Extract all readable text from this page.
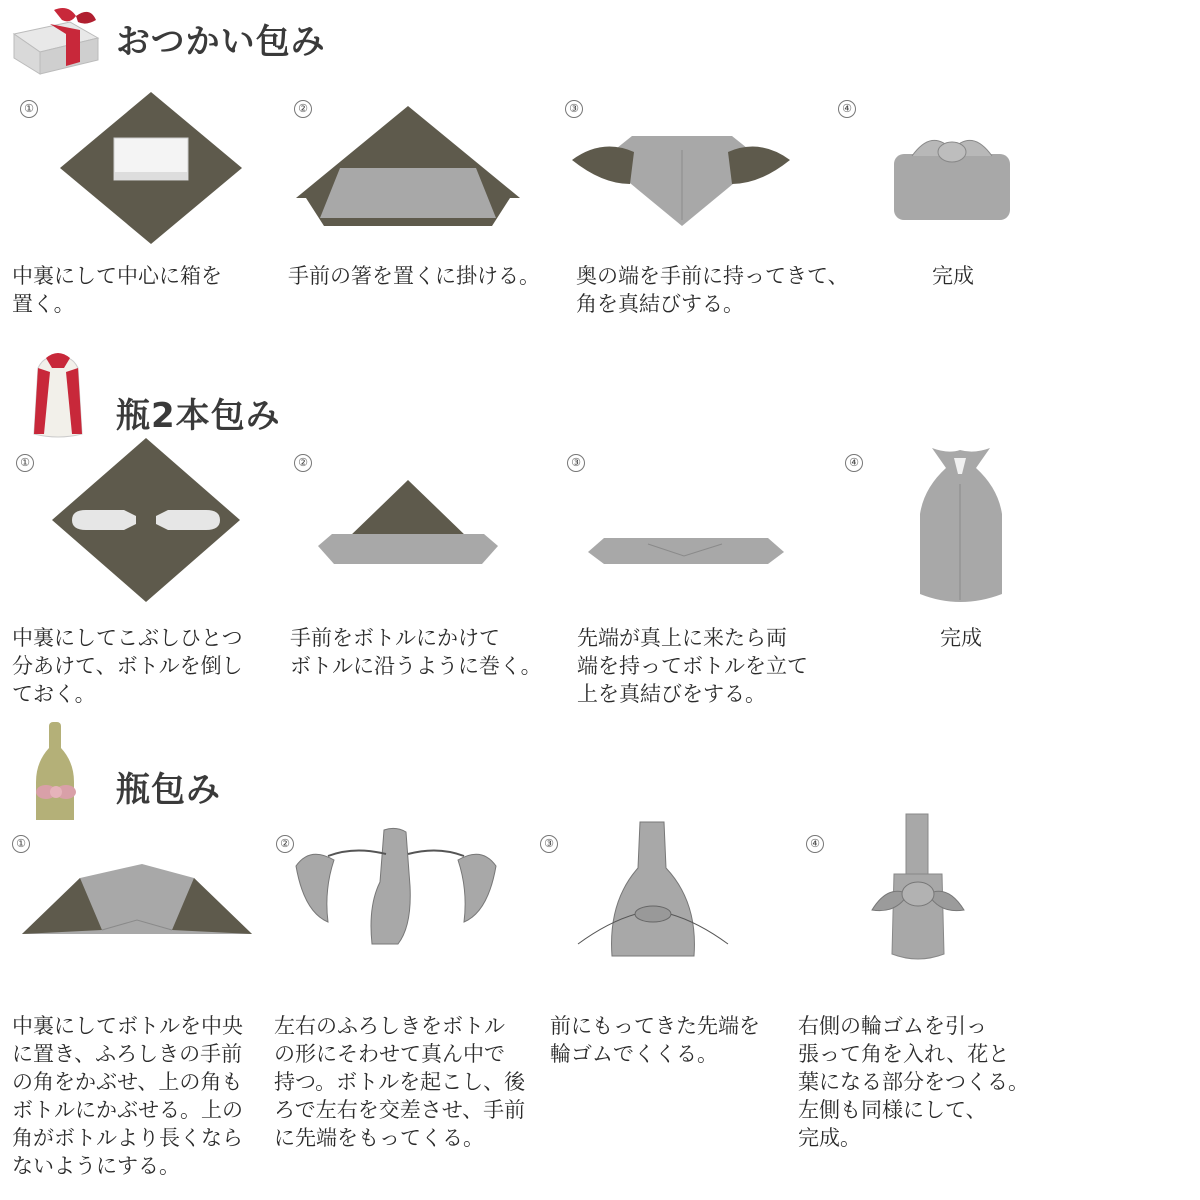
おつかい包み
①	②	③	④
中裏にして中心に箱を
置く。
手前の箸を置くに掛ける。 奥の端を手前に持ってきて、
角を真結びする。
完成
瓶2本包み
①	②	③	④
中裏にしてこぶしひとつ
分あけて、ボトルを倒し
ておく。
手前をボトルにかけて
ボトルに沿うように巻く。
先端が真上に来たら両
端を持ってボトルを立て
上を真結びをする。
完成
瓶包み
①	②	③	④
中裏にしてボトルを中央
に置き、ふろしきの手前
の角をかぶせ、上の角も
ボトルにかぶせる。上の
角がボトルより長くなら
ないようにする。
左右のふろしきをボトル
の形にそわせて真ん中で
持つ。ボトルを起こし、後
ろで左右を交差させ、手前
に先端をもってくる。
前にもってきた先端を
輪ゴムでくくる。
右側の輪ゴムを引っ
張って角を入れ、花と
葉になる部分をつくる。
左側も同様にして、
完成。
